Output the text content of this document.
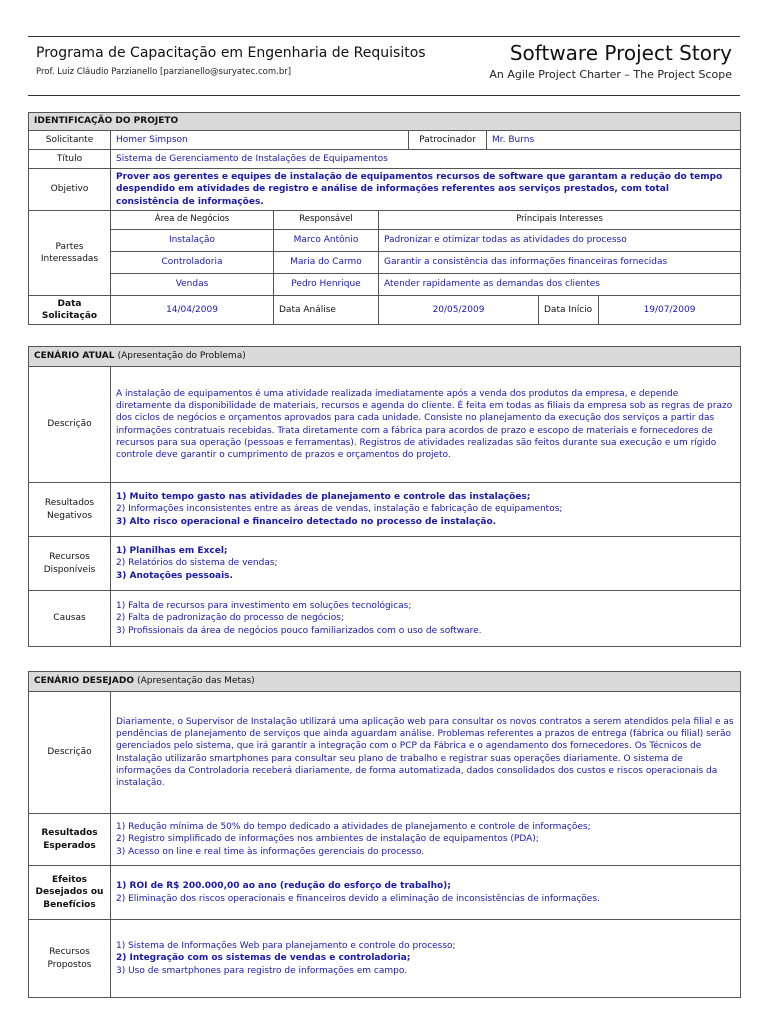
Programa de Capacitação em Engenharia de Requisitos
Prof. Luiz Cláudio Parzianello [parzianello@suryatec.com.br]
Software Project Story
An Agile Project Charter – The Project Scope
IDENTIFICAÇÃO DO PROJETO							
Solicitante	Homer Simpson			Patrocinador	Mr. Burns		
Título	Sistema de Gerenciamento de Instalações de Equipamentos						
Objetivo	Prover aos gerentes e equipes de instalação de equipamentos recursos de software que garantam a redução do tempo despendido em atividades de registro e análise de informações referentes aos serviços prestados, com total consistência de informações.						
Partes Interessadas	Área de Negócios	Responsável	Principais Interesses				
	Instalação	Marco Antônio	Padronizar e otimizar todas as atividades do processo				
	Controladoria	Maria do Carmo	Garantir a consistência das informações financeiras fornecidas				
	Vendas	Pedro Henrique	Atender rapidamente as demandas dos clientes				
Data Solicitação	14/04/2009	Data Análise	20/05/2009			Data Início	19/07/2009
CENÁRIO ATUAL (Apresentação do Problema)	
Descrição	A instalação de equipamentos é uma atividade realizada imediatamente após a venda dos produtos da empresa, e depende diretamente da disponibilidade de materiais, recursos e agenda do cliente. É feita em todas as filiais da empresa sob as regras de prazo dos ciclos de negócios e orçamentos aprovados para cada unidade. Consiste no planejamento da execução dos serviços a partir das informações contratuais recebidas. Trata diretamente com a fábrica para acordos de prazo e escopo de materiais e fornecedores de recursos para sua operação (pessoas e ferramentas). Registros de atividades realizadas são feitos durante sua execução e um rígido controle deve garantir o cumprimento de prazos e orçamentos do projeto.
Resultados Negativos	1) Muito tempo gasto nas atividades de planejamento e controle das instalações;
2) Informações inconsistentes entre as áreas de vendas, instalação e fabricação de equipamentos;
3) Alto risco operacional e financeiro detectado no processo de instalação.

Recursos Disponíveis	1) Planilhas em Excel;
2) Relatórios do sistema de vendas;
3) Anotações pessoais.

Causas	1) Falta de recursos para investimento em soluções tecnológicas;
2) Falta de padronização do processo de negócios;
3) Profissionais da área de negócios pouco familiarizados com o uso de software.
CENÁRIO DESEJADO (Apresentação das Metas)	
Descrição	Diariamente, o Supervisor de Instalação utilizará uma aplicação web para consultar os novos contratos a serem atendidos pela filial e as pendências de planejamento de serviços que ainda aguardam análise. Problemas referentes a prazos de entrega (fábrica ou filial) serão gerenciados pelo sistema, que irá garantir a integração com o PCP da Fábrica e o agendamento dos fornecedores. Os Técnicos de Instalação utilizarão smartphones para consultar seu plano de trabalho e registrar suas operações diariamente. O sistema de informações da Controladoria receberá diariamente, de forma automatizada, dados consolidados dos custos e riscos operacionais da instalação.
Resultados Esperados	1) Redução mínima de 50% do tempo dedicado a atividades de planejamento e controle de informações;
2) Registro simplificado de informações nos ambientes de instalação de equipamentos (PDA);
3) Acesso on line e real time às informações gerenciais do processo.

Efeitos Desejados ou Benefícios	1) ROI de R$ 200.000,00 ao ano (redução do esforço de trabalho);
2) Eliminação dos riscos operacionais e financeiros devido a eliminação de inconsistências de informações.

Recursos Propostos	1) Sistema de Informações Web para planejamento e controle do processo;
2) Integração com os sistemas de vendas e controladoria;
3) Uso de smartphones para registro de informações em campo.
